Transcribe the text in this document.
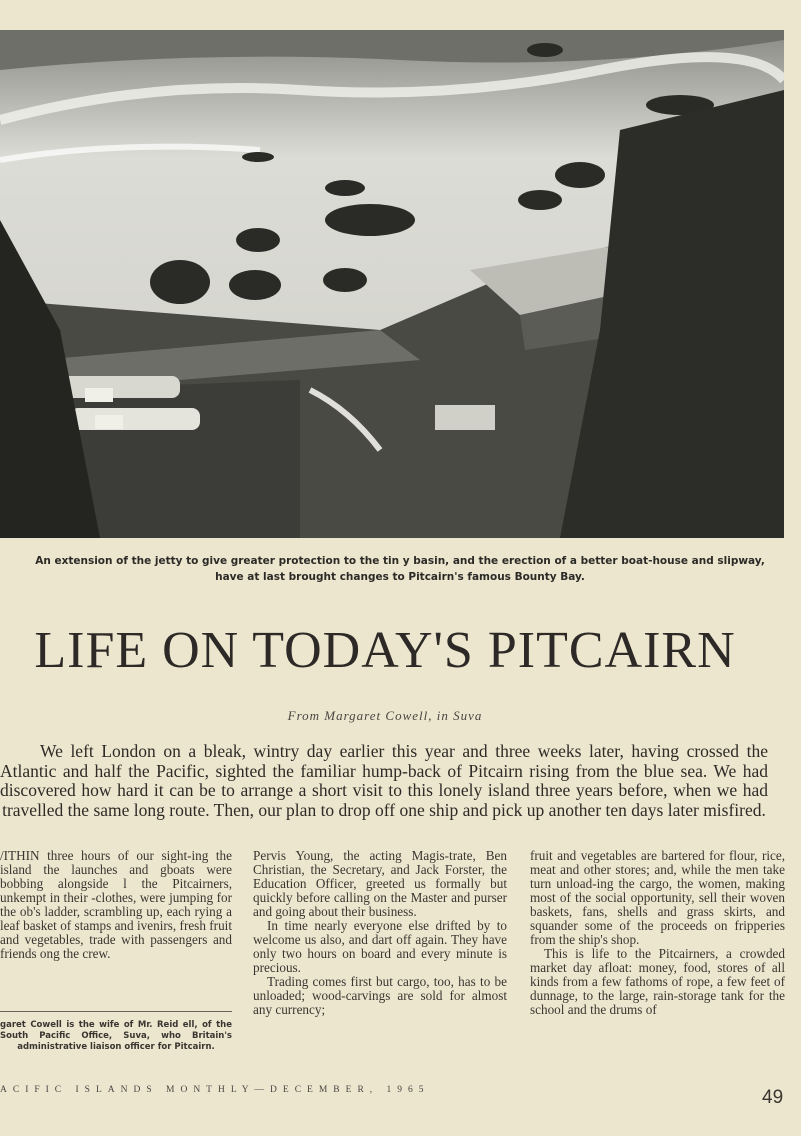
An extension of the jetty to give greater protection to the tin y basin, and the erection of a better boat-house and slipway,
have at last brought changes to Pitcairn's famous Bounty Bay.
LIFE ON TODAY'S PITCAIRN
From Margaret Cowell, in Suva
We left London on a bleak, wintry day earlier this year and three weeks later, having crossed the Atlantic and half the Pacific, sighted the familiar hump-back of Pitcairn rising from the blue sea. We had discovered how hard it can be to arrange a short visit to this lonely island three years before, when we had travelled the same long route. Then, our plan to drop off one ship and pick up another ten days later misfired.

/ITHIN three hours of our sight-ing the island the launches and gboats were bobbing alongside l the Pitcairners, unkempt in their -clothes, were jumping for the ob's ladder, scrambling up, each rying a leaf basket of stamps and ivenirs, fresh fruit and vegetables, trade with passengers and friends ong the crew.

Pervis Young, the acting Magis-trate, Ben Christian, the Secretary, and Jack Forster, the Education Officer, greeted us formally but quickly before calling on the Master and purser and going about their business.

In time nearly everyone else drifted by to welcome us also, and dart off again. They have only two hours on board and every minute is precious.

Trading comes first but cargo, too, has to be unloaded; wood-carvings are sold for almost any currency;

fruit and vegetables are bartered for flour, rice, meat and other stores; and, while the men take turn unload-ing the cargo, the women, making most of the social opportunity, sell their woven baskets, fans, shells and grass skirts, and squander some of the proceeds on fripperies from the ship's shop.

This is life to the Pitcairners, a crowded market day afloat: money, food, stores of all kinds from a few fathoms of rope, a few feet of dunnage, to the large, rain-storage tank for the school and the drums of

garet Cowell is the wife of Mr. Reid ell, of the South Pacific Office, Suva, who Britain's administrative liaison officer for Pitcairn.
ACIFIC ISLANDS MONTHLY—DECEMBER, 1965	49
